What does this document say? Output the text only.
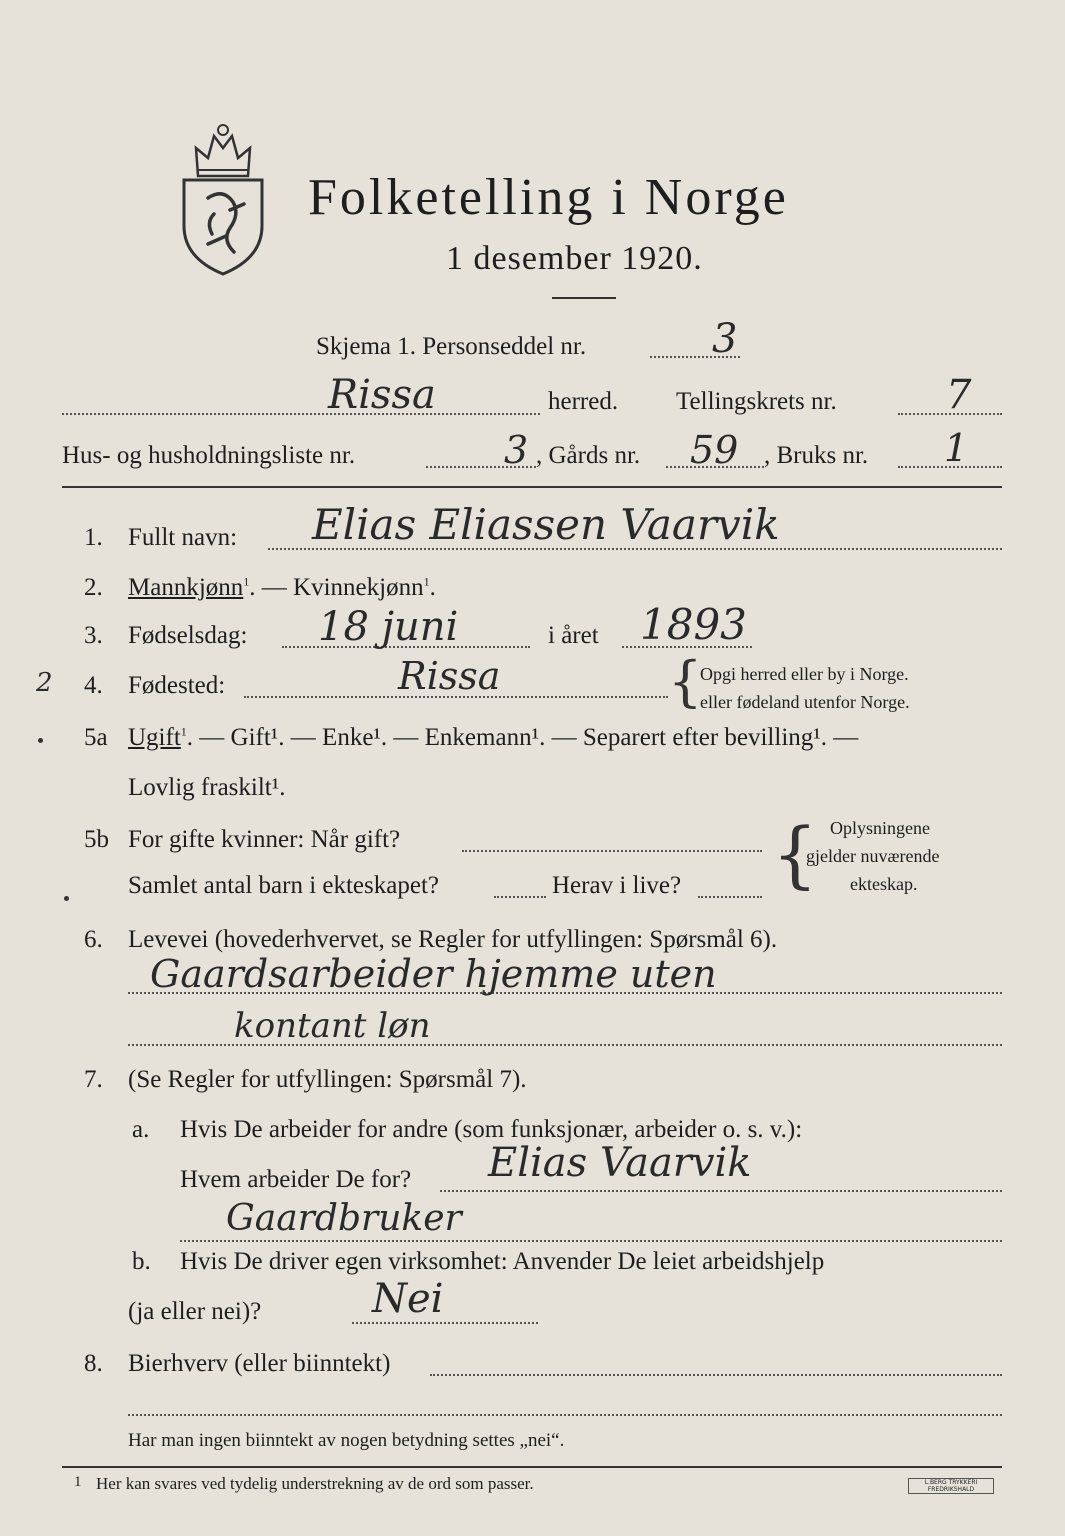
Folketelling i Norge
1 desember 1920.
Skjema 1. Personseddel nr.	3
Rissa	herred. Tellingskrets nr.	7
Hus- og husholdningsliste nr.	3 , Gårds nr. 59 , Bruks nr. 1
1. Fullt navn: Elias Eliassen Vaarvik
2. Mannkjønn$^1$. — Kvinnekjønn$^1$.
3. Fødselsdag: 18 juni	i året 1893
2 4. Fødested:	Rissa	{
Opgi herred eller by i Norge.
eller fødeland utenfor Norge.
5a Ugift$^1$. — Gift¹. — Enke¹. — Enkemann¹. — Separert efter bevilling¹. —
Lovlig fraskilt¹.
5b For gifte kvinner: Når gift?
Samlet antal barn i ekteskapet?	Herav i live? { Oplysningene
gjelder nuværende
ekteskap.
6. Levevei (hovederhvervet, se Regler for utfyllingen: Spørsmål 6).
Gaardsarbeider hjemme uten
kontant løn
7. (Se Regler for utfyllingen: Spørsmål 7).
a. Hvis De arbeider for andre (som funksjonær, arbeider o. s. v.):
Hvem arbeider De for? Elias Vaarvik
Gaardbruker
b. Hvis De driver egen virksomhet: Anvender De leiet arbeidshjelp
(ja eller nei)?	Nei
8. Bierhverv (eller biinntekt)
Har man ingen biinntekt av nogen betydning settes „nei“.
1 Her kan svares ved tydelig understrekning av de ord som passer.	L.BERG TRYKKERI FREDRIKSHALD
